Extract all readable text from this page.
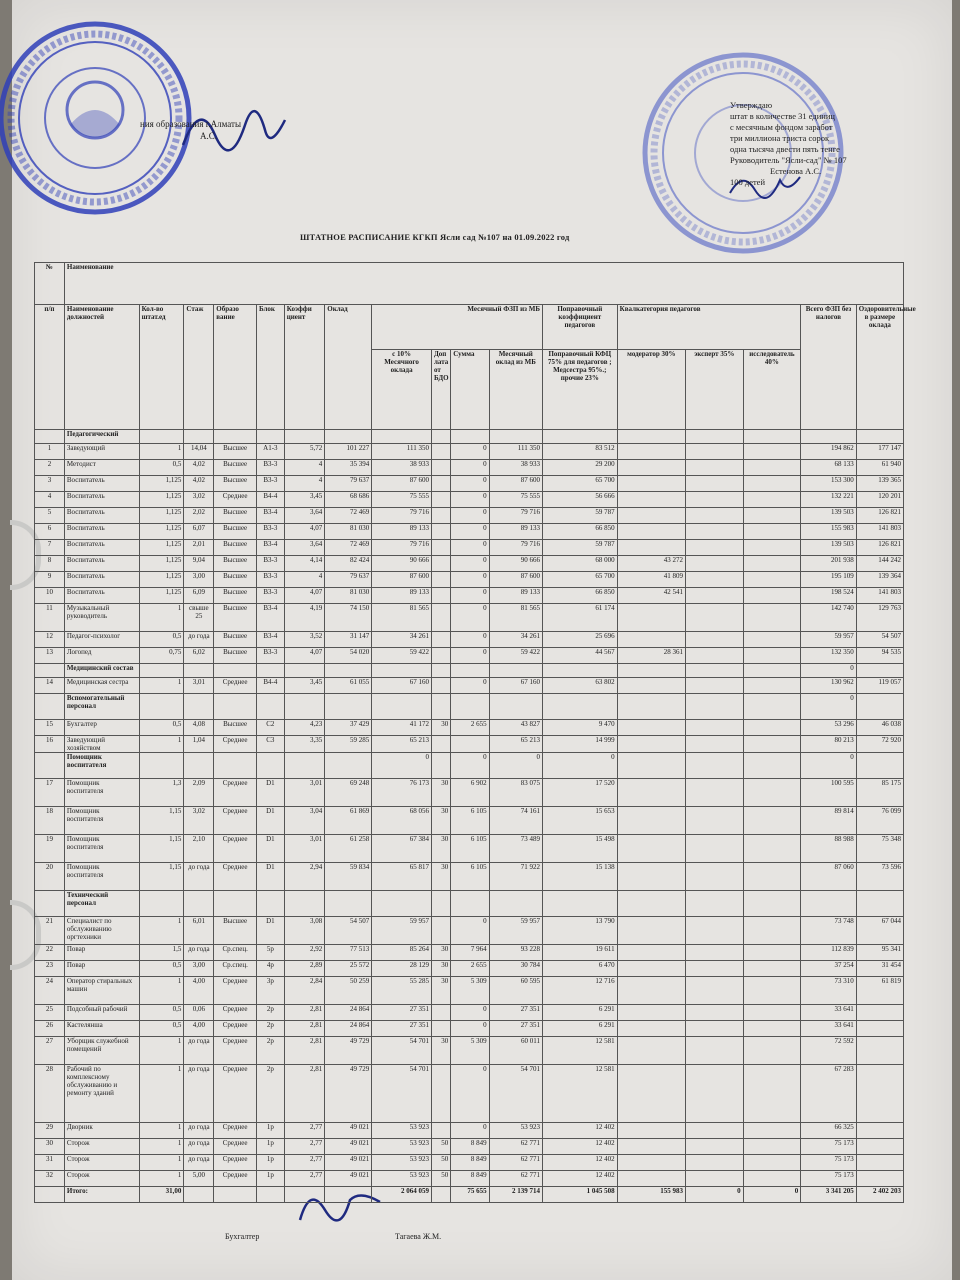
ния образования г.Алматы
А.С.
Утверждаю
штат в количестве 31 единиц
с месячным фондом заработ
три миллиона триста сорок
одна тысяча двести пять тенге
Руководитель "Ясли-сад" № 107
Естенова А.С.
100 детей
ШТАТНОЕ РАСПИСАНИЕ КГКП Ясли сад №107 на 01.09.2022 год
№	Наименование																
п/п	Наименование должностей	Кол-во штат.ед	Стаж	Образо вание	Блок	Коэффи циент	Оклад	Месячный ФЗП из МБ				Поправочный коэффициент педагогов	Квалкатегория педагогов			Всего ФЗП без налогов	Оздоровительные в размере оклада
								с 10% Месячного оклада	Доп лата от БДО	Сумма	Месячный оклад из МБ	Поправочный КФЦ 75% для педагогов ; Медсестра 95%.; прочие 23%	модератор 30%	эксперт 35%	исследователь 40%		
	Педагогический																
1	Заведующий	1	14,04	Высшее	А1-3	5,72	101 227	111 350		0	111 350	83 512				194 862	177 147
2	Методист	0,5	4,02	Высшее	В3-3	4	35 394	38 933		0	38 933	29 200				68 133	61 940
3	Воспитатель	1,125	4,02	Высшее	В3-3	4	79 637	87 600		0	87 600	65 700				153 300	139 365
4	Воспитатель	1,125	3,02	Среднее	В4-4	3,45	68 686	75 555		0	75 555	56 666				132 221	120 201
5	Воспитатель	1,125	2,02	Высшее	В3-4	3,64	72 469	79 716		0	79 716	59 787				139 503	126 821
6	Воспитатель	1,125	6,07	Высшее	В3-3	4,07	81 030	89 133		0	89 133	66 850				155 983	141 803
7	Воспитатель	1,125	2,01	Высшее	В3-4	3,64	72 469	79 716		0	79 716	59 787				139 503	126 821
8	Воспитатель	1,125	9,04	Высшее	В3-3	4,14	82 424	90 666		0	90 666	68 000	43 272			201 938	144 242
9	Воспитатель	1,125	3,00	Высшее	В3-3	4	79 637	87 600		0	87 600	65 700	41 809			195 109	139 364
10	Воспитатель	1,125	6,09	Высшее	В3-3	4,07	81 030	89 133		0	89 133	66 850	42 541			198 524	141 803
11	Музыкальный руководитель	1	свыше 25	Высшее	В3-4	4,19	74 150	81 565		0	81 565	61 174				142 740	129 763
12	Педагог-психолог	0,5	до года	Высшее	В3-4	3,52	31 147	34 261		0	34 261	25 696				59 957	54 507
13	Логопед	0,75	6,02	Высшее	В3-3	4,07	54 020	59 422		0	59 422	44 567	28 361			132 350	94 535
	Медицинский состав															0	
14	Медицинская сестра	1	3,01	Среднее	В4-4	3,45	61 055	67 160		0	67 160	63 802				130 962	119 057
	Вспомогательный персонал															0	
15	Бухгалтер	0,5	4,08	Высшее	С2	4,23	37 429	41 172	30	2 655	43 827	9 470				53 296	46 038
16	Заведующий хозяйством	1	1,04	Среднее	С3	3,35	59 285	65 213			65 213	14 999				80 213	72 920
	Помощник воспитателя							0		0	0	0				0	
17	Помощник воспитателя	1,3	2,09	Среднее	D1	3,01	69 248	76 173	30	6 902	83 075	17 520				100 595	85 175
18	Помощник воспитателя	1,15	3,02	Среднее	D1	3,04	61 869	68 056	30	6 105	74 161	15 653				89 814	76 099
19	Помощник воспитателя	1,15	2,10	Среднее	D1	3,01	61 258	67 384	30	6 105	73 489	15 498				88 988	75 348
20	Помощник воспитателя	1,15	до года	Среднее	D1	2,94	59 834	65 817	30	6 105	71 922	15 138				87 060	73 596
	Технический персонал																
21	Специалист по обслуживанию оргтехники	1	6,01	Высшее	D1	3,08	54 507	59 957		0	59 957	13 790				73 748	67 044
22	Повар	1,5	до года	Ср.спец.	5р	2,92	77 513	85 264	30	7 964	93 228	19 611				112 839	95 341
23	Повар	0,5	3,00	Ср.спец.	4р	2,89	25 572	28 129	30	2 655	30 784	6 470				37 254	31 454
24	Оператор стиральных машин	1	4,00	Среднее	3р	2,84	50 259	55 285	30	5 309	60 595	12 716				73 310	61 819
25	Подсобный рабочий	0,5	0,06	Среднее	2р	2,81	24 864	27 351		0	27 351	6 291				33 641	
26	Кастелянша	0,5	4,00	Среднее	2р	2,81	24 864	27 351		0	27 351	6 291				33 641	
27	Уборщик служебной помещений	1	до года	Среднее	2р	2,81	49 729	54 701	30	5 309	60 011	12 581				72 592	
28	Рабочий по комплексному обслуживанию и ремонту зданий	1	до года	Среднее	2р	2,81	49 729	54 701		0	54 701	12 581				67 283	
29	Дворник	1	до года	Среднее	1р	2,77	49 021	53 923		0	53 923	12 402				66 325	
30	Сторож	1	до года	Среднее	1р	2,77	49 021	53 923	50	8 849	62 771	12 402				75 173	
31	Сторож	1	до года	Среднее	1р	2,77	49 021	53 923	50	8 849	62 771	12 402				75 173	
32	Сторож	1	5,00	Среднее	1р	2,77	49 021	53 923	50	8 849	62 771	12 402				75 173	
	Итого:	31,00						2 064 059		75 655	2 139 714	1 045 508	155 983	0	0	3 341 205	2 402 203
Бухгалтер	Тагаева Ж.М.
